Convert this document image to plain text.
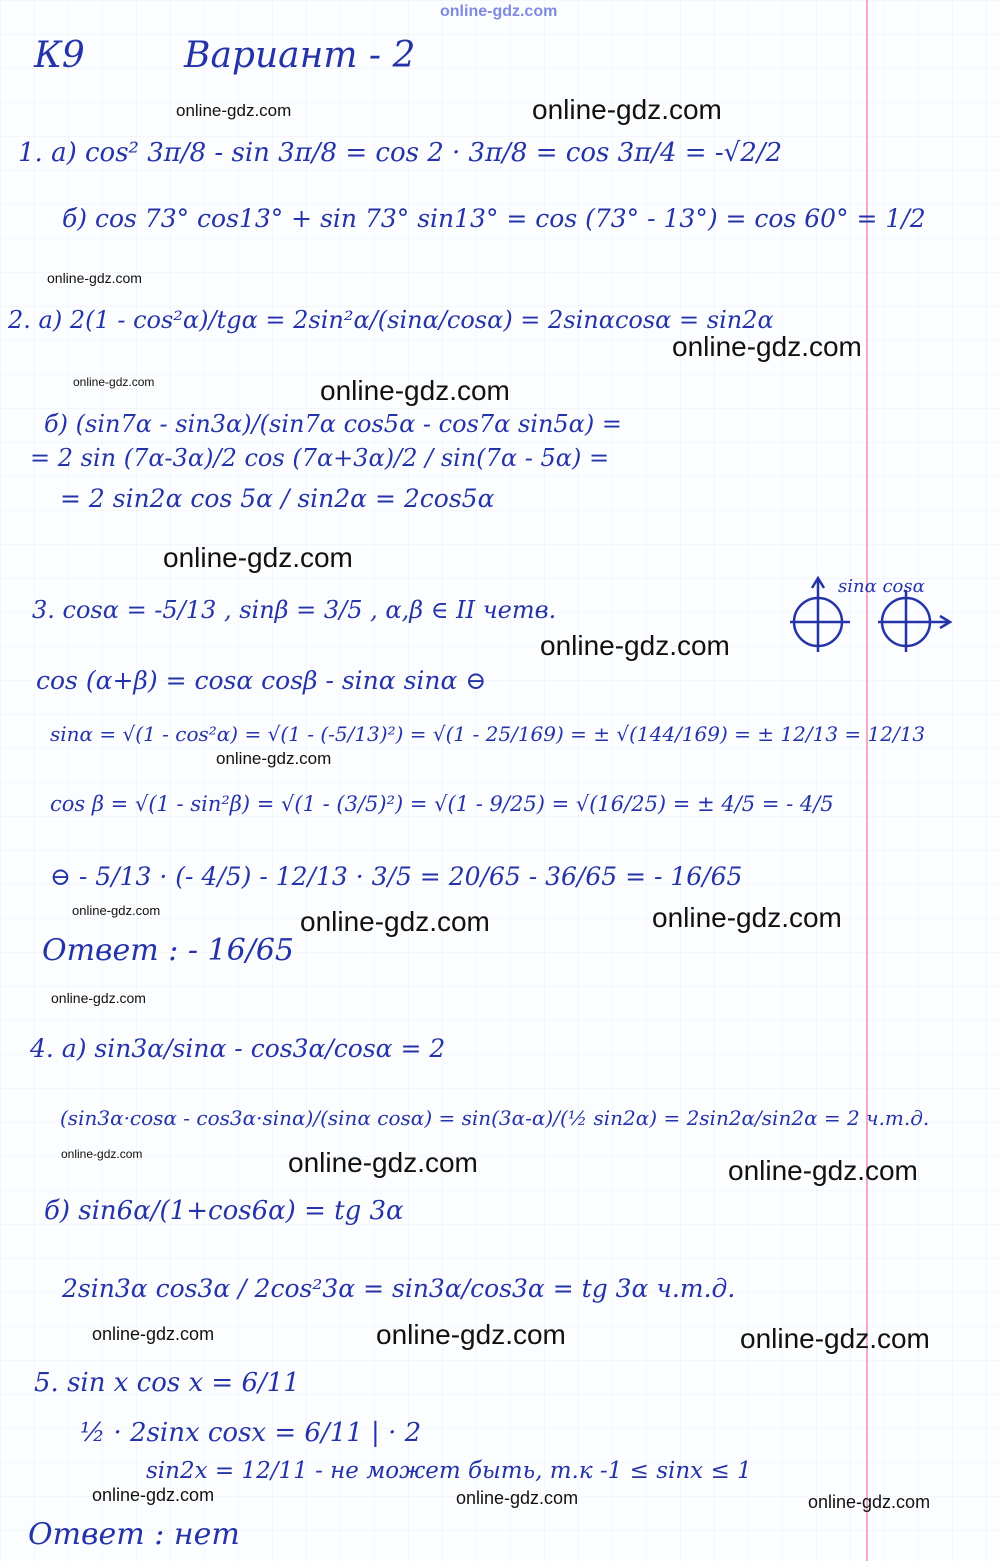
online-gdz.com
online-gdz.com	online-gdz.com
online-gdz.com
online-gdz.com
online-gdz.com	online-gdz.com
online-gdz.com
online-gdz.com
online-gdz.com
online-gdz.com	online-gdz.com	online-gdz.com
online-gdz.com
online-gdz.com	online-gdz.com	online-gdz.com
online-gdz.com	online-gdz.com	online-gdz.com
online-gdz.com	online-gdz.com	online-gdz.com
К9	Вариант - 2
1. а) cos² 3π/8 - sin 3π/8 = cos 2 · 3π/8 = cos 3π/4 = -√2/2
б) cos 73° cos13° + sin 73° sin13° = cos (73° - 13°) = cos 60° = 1/2
2. а) 2(1 - cos²α)/tgα = 2sin²α/(sinα/cosα) = 2sinαcosα = sin2α
б) (sin7α - sin3α)/(sin7α cos5α - cos7α sin5α) =
= 2 sin (7α-3α)/2 cos (7α+3α)/2 / sin(7α - 5α) =
= 2 sin2α cos 5α / sin2α = 2cos5α
3. cosα = -5/13 , sinβ = 3/5 , α,β ∈ II четв.
sinα cosα
cos (α+β) = cosα cosβ - sinα sinα ⊖
sinα = √(1 - cos²α) = √(1 - (-5/13)²) = √(1 - 25/169) = ± √(144/169) = ± 12/13 = 12/13
cos β = √(1 - sin²β) = √(1 - (3/5)²) = √(1 - 9/25) = √(16/25) = ± 4/5 = - 4/5
⊖ - 5/13 · (- 4/5) - 12/13 · 3/5 = 20/65 - 36/65 = - 16/65
Ответ : - 16/65
4. а) sin3α/sinα - cos3α/cosα = 2
(sin3α·cosα - cos3α·sinα)/(sinα cosα) = sin(3α-α)/(½ sin2α) = 2sin2α/sin2α = 2 ч.т.д.
б) sin6α/(1+cos6α) = tg 3α
2sin3α cos3α / 2cos²3α = sin3α/cos3α = tg 3α ч.т.д.
5. sin x cos x = 6/11
½ · 2sinx cosx = 6/11 | · 2
sin2x = 12/11 - не может быть, т.к -1 ≤ sinx ≤ 1
Ответ : нет
